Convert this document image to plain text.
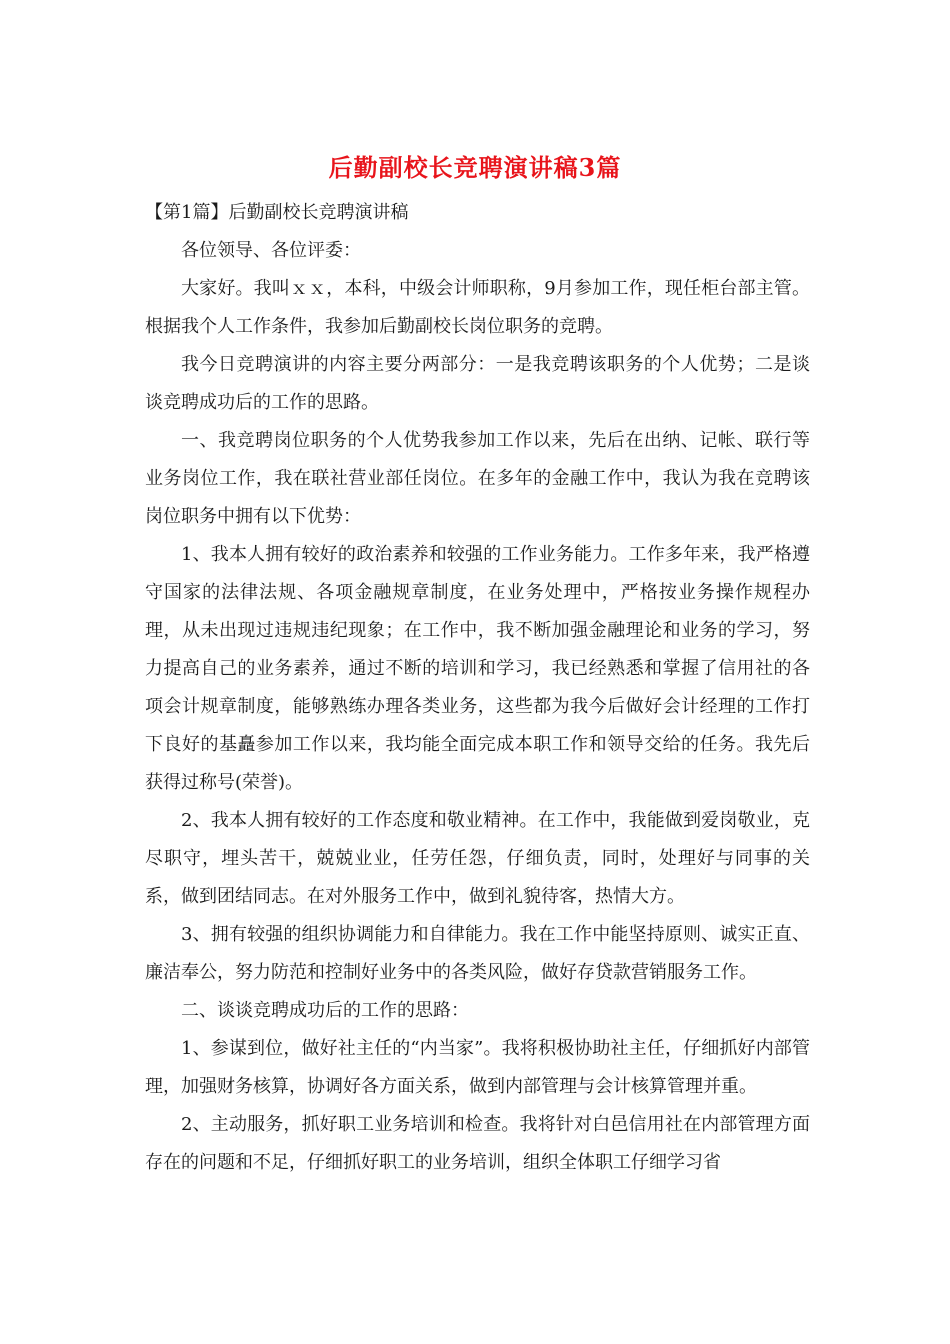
后勤副校长竞聘演讲稿3篇
【第1篇】后勤副校长竞聘演讲稿

各位领导、各位评委：

大家好。我叫ｘｘ，本科，中级会计师职称，9月参加工作，现任柜台部主管。根据我个人工作条件，我参加后勤副校长岗位职务的竞聘。

我今日竞聘演讲的内容主要分两部分：一是我竞聘该职务的个人优势；二是谈谈竞聘成功后的工作的思路。

一、我竞聘岗位职务的个人优势我参加工作以来，先后在出纳、记帐、联行等业务岗位工作，我在联社营业部任岗位。在多年的金融工作中，我认为我在竞聘该岗位职务中拥有以下优势：

1、我本人拥有较好的政治素养和较强的工作业务能力。工作多年来，我严格遵守国家的法律法规、各项金融规章制度，在业务处理中，严格按业务操作规程办理，从未出现过违规违纪现象；在工作中，我不断加强金融理论和业务的学习，努力提高自己的业务素养，通过不断的培训和学习，我已经熟悉和掌握了信用社的各项会计规章制度，能够熟练办理各类业务，这些都为我今后做好会计经理的工作打下良好的基矗参加工作以来，我均能全面完成本职工作和领导交给的任务。我先后获得过称号(荣誉)。

2、我本人拥有较好的工作态度和敬业精神。在工作中，我能做到爱岗敬业，克尽职守，埋头苦干，兢兢业业，任劳任怨，仔细负责，同时，处理好与同事的关系，做到团结同志。在对外服务工作中，做到礼貌待客，热情大方。

3、拥有较强的组织协调能力和自律能力。我在工作中能坚持原则、诚实正直、廉洁奉公，努力防范和控制好业务中的各类风险，做好存贷款营销服务工作。

二、谈谈竞聘成功后的工作的思路：

1、参谋到位，做好社主任的“内当家”。我将积极协助社主任，仔细抓好内部管理，加强财务核算，协调好各方面关系，做到内部管理与会计核算管理并重。

2、主动服务，抓好职工业务培训和检查。我将针对白邑信用社在内部管理方面存在的问题和不足，仔细抓好职工的业务培训，组织全体职工仔细学习省
